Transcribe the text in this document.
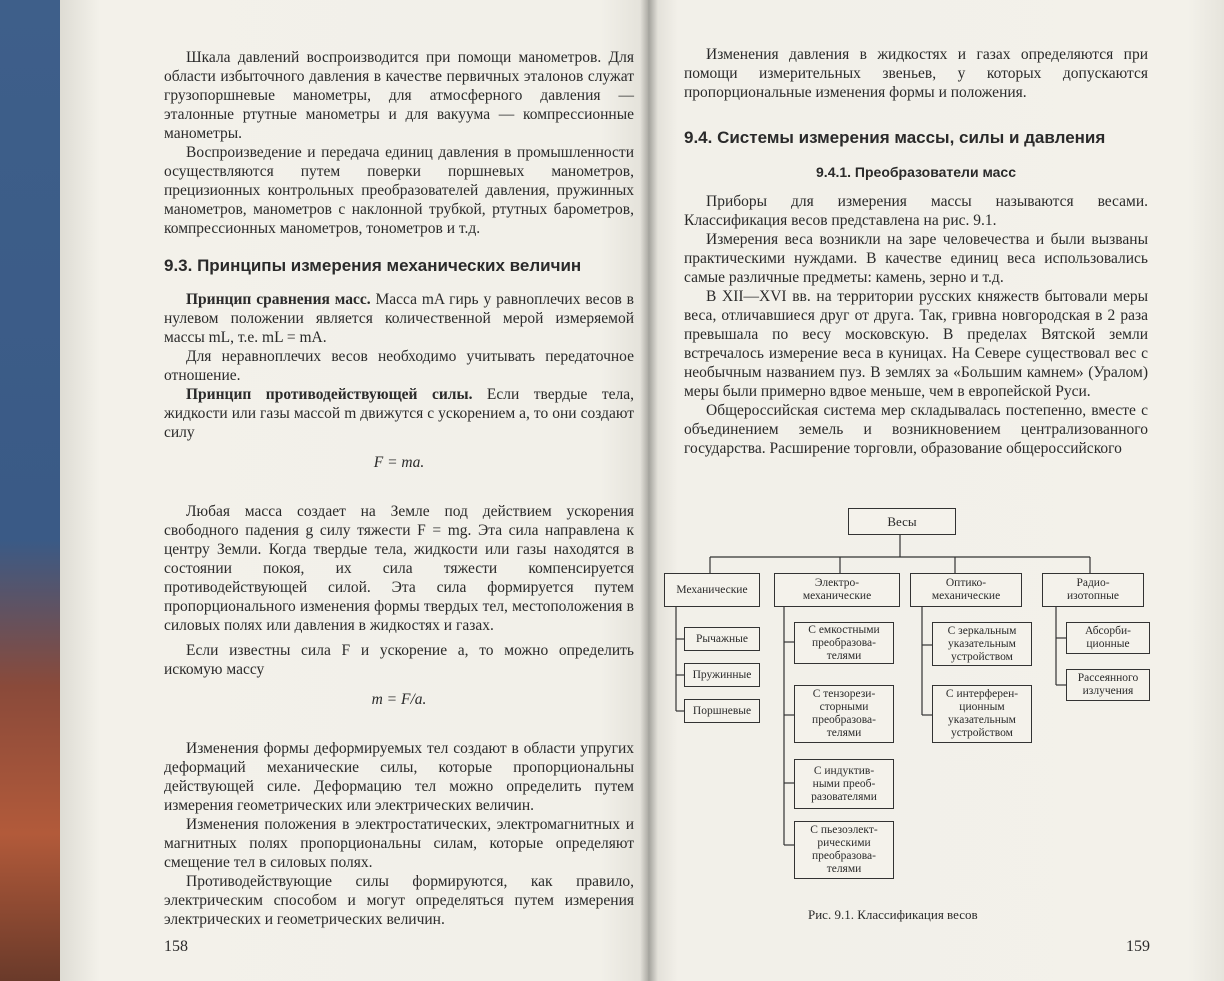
Шкала давлений воспроизводится при помощи манометров. Для области избыточного давления в качестве первичных эталонов служат грузопоршневые манометры, для атмосферного давления — эталонные ртутные манометры и для вакуума — компрессионные манометры.

Воспроизведение и передача единиц давления в промышленности осуществляются путем поверки поршневых манометров, прецизионных контрольных преобразователей давления, пружинных манометров, манометров с наклонной трубкой, ртутных барометров, компрессионных манометров, тонометров и т.д.

9.3. Принципы измерения механических величин

Принцип сравнения масс. Масса mA гирь у равноплечих весов в нулевом положении является количественной мерой измеряемой массы mL, т.е. mL = mA.

Для неравноплечих весов необходимо учитывать передаточное отношение.

Принцип противодействующей силы. Если твердые тела, жидкости или газы массой m движутся с ускорением a, то они создают силу

F = ma.

Любая масса создает на Земле под действием ускорения свободного падения g силу тяжести F = mg. Эта сила направлена к центру Земли. Когда твердые тела, жидкости или газы находятся в состоянии покоя, их сила тяжести компенсируется противодействующей силой. Эта сила формируется путем пропорционального изменения формы твердых тел, местоположения в силовых полях или давления в жидкостях и газах.

Если известны сила F и ускорение a, то можно определить искомую массу

m = F/a.

Изменения формы деформируемых тел создают в области упругих деформаций механические силы, которые пропорциональны действующей силе. Деформацию тел можно определить путем измерения геометрических или электрических величин.

Изменения положения в электростатических, электромагнитных и магнитных полях пропорциональны силам, которые определяют смещение тел в силовых полях.

Противодействующие силы формируются, как правило, электрическим способом и могут определяться путем измерения электрических и геометрических величин.

158

Изменения давления в жидкостях и газах определяются при помощи измерительных звеньев, у которых допускаются пропорциональные изменения формы и положения.

9.4. Системы измерения массы, силы и давления
9.4.1. Преобразователи масс

Приборы для измерения массы называются весами. Классификация весов представлена на рис. 9.1.

Измерения веса возникли на заре человечества и были вызваны практическими нуждами. В качестве единиц веса использовались самые различные предметы: камень, зерно и т.д.

В XII—XVI вв. на территории русских княжеств бытовали меры веса, отличавшиеся друг от друга. Так, гривна новгородская в 2 раза превышала по весу московскую. В пределах Вятской земли встречалось измерение веса в куницах. На Севере существовал вес с необычным названием пуз. В землях за «Большим камнем» (Уралом) меры были примерно вдвое меньше, чем в европейской Руси.

Общероссийская система мер складывалась постепенно, вместе с объединением земель и возникновением централизованного государства. Расширение торговли, образование общероссийского

Весы
Механические
Электро-
механические
Оптико-
механические
Радио-
изотопные
Рычажные
Пружинные
Поршневые
С емкостными
преобразова-
телями
С тензорези-
сторными
преобразова-
телями
С индуктив-
ными преоб-
разователями
С пьезоэлект-
рическими
преобразова-
телями
С зеркальным
указательным
устройством
С интерферен-
ционным
указательным
устройством
Абсорби-
ционные
Рассеянного
излучения
Рис. 9.1. Классификация весов
159
